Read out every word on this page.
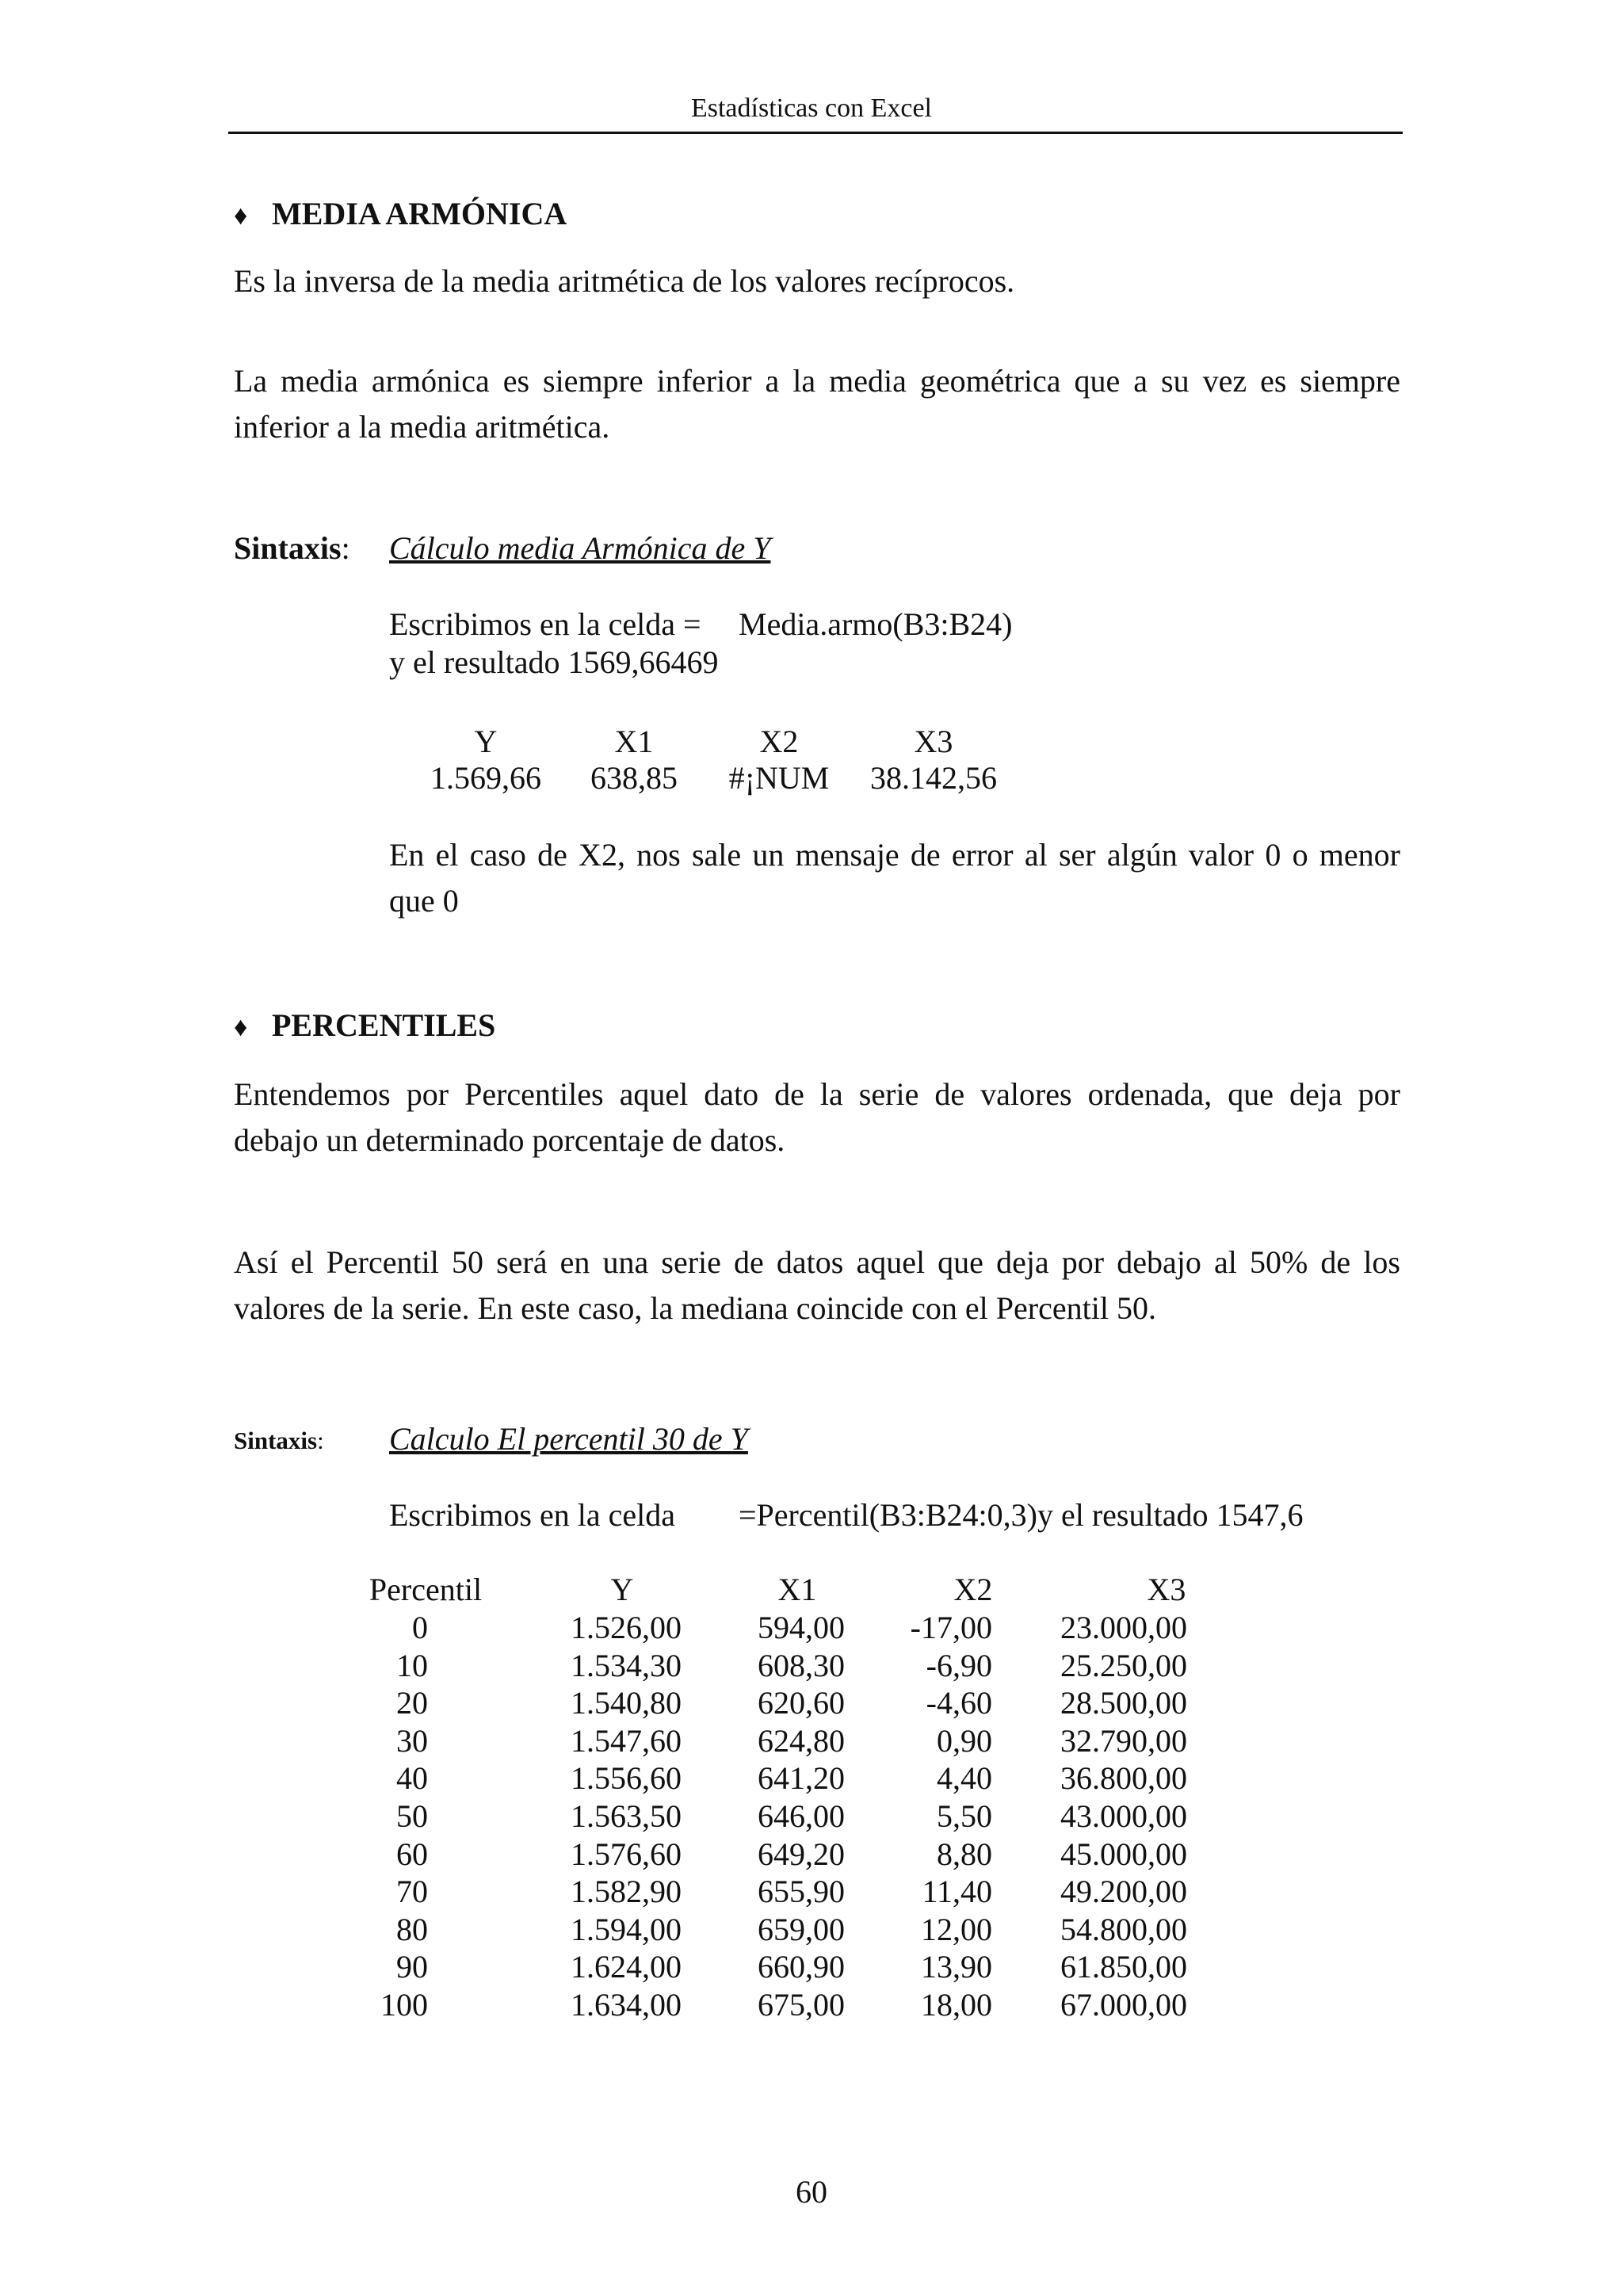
Estadísticas con Excel
♦ MEDIA ARMÓNICA
Es la inversa de la media aritmética de los valores recíprocos.
La media armónica es siempre inferior a la media geométrica que a su vez es siempre
inferior a la media aritmética.
Sintaxis: Cálculo media Armónica de Y
Escribimos en la celda = Media.armo(B3:B24)
y el resultado 1569,66469
Y	X1	X2	X3
1.569,66	638,85	#¡NUM	38.142,56
En el caso de X2, nos sale un mensaje de error al ser algún valor 0 o menor
que 0
♦ PERCENTILES
Entendemos por Percentiles aquel dato de la serie de valores ordenada, que deja por
debajo un determinado porcentaje de datos.
Así el Percentil 50 será en una serie de datos aquel que deja por debajo al 50% de los
valores de la serie. En este caso, la mediana coincide con el Percentil 50.
Sintaxis: Calculo El percentil 30 de Y
Escribimos en la celda =Percentil(B3:B24:0,3)y el resultado 1547,6
Percentil	Y	X1	X2	X3
0	1.526,00	594,00	-17,00	23.000,00
10	1.534,30	608,30	-6,90	25.250,00
20	1.540,80	620,60	-4,60	28.500,00
30	1.547,60	624,80	0,90	32.790,00
40	1.556,60	641,20	4,40	36.800,00
50	1.563,50	646,00	5,50	43.000,00
60	1.576,60	649,20	8,80	45.000,00
70	1.582,90	655,90	11,40	49.200,00
80	1.594,00	659,00	12,00	54.800,00
90	1.624,00	660,90	13,90	61.850,00
100	1.634,00	675,00	18,00	67.000,00
60
